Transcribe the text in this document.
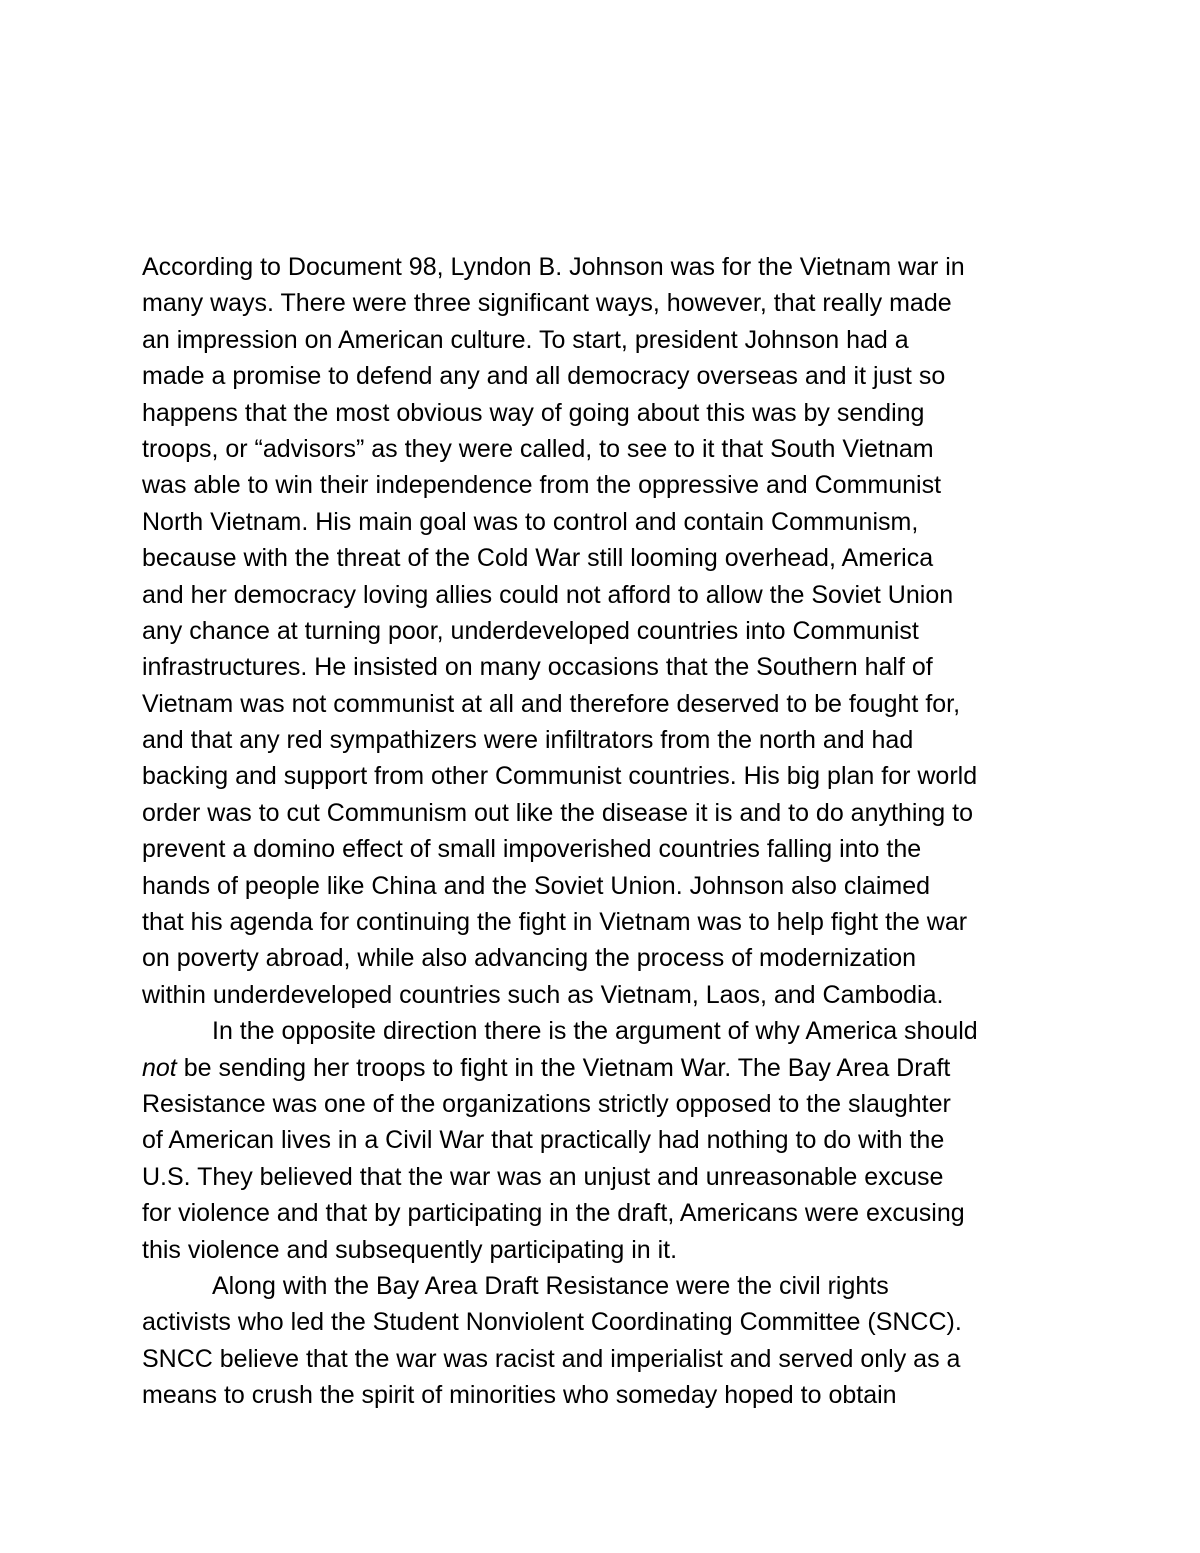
According to Document 98, Lyndon B. Johnson was for the Vietnam war in
many ways. There were three significant ways, however, that really made
an impression on American culture. To start, president Johnson had a
made a promise to defend any and all democracy overseas and it just so
happens that the most obvious way of going about this was by sending
troops, or “advisors” as they were called, to see to it that South Vietnam
was able to win their independence from the oppressive and Communist
North Vietnam. His main goal was to control and contain Communism,
because with the threat of the Cold War still looming overhead, America
and her democracy loving allies could not afford to allow the Soviet Union
any chance at turning poor, underdeveloped countries into Communist
infrastructures. He insisted on many occasions that the Southern half of
Vietnam was not communist at all and therefore deserved to be fought for,
and that any red sympathizers were infiltrators from the north and had
backing and support from other Communist countries. His big plan for world
order was to cut Communism out like the disease it is and to do anything to
prevent a domino effect of small impoverished countries falling into the
hands of people like China and the Soviet Union. Johnson also claimed
that his agenda for continuing the fight in Vietnam was to help fight the war
on poverty abroad, while also advancing the process of modernization
within underdeveloped countries such as Vietnam, Laos, and Cambodia.
In the opposite direction there is the argument of why America should
not be sending her troops to fight in the Vietnam War. The Bay Area Draft
Resistance was one of the organizations strictly opposed to the slaughter
of American lives in a Civil War that practically had nothing to do with the
U.S. They believed that the war was an unjust and unreasonable excuse
for violence and that by participating in the draft, Americans were excusing
this violence and subsequently participating in it.
Along with the Bay Area Draft Resistance were the civil rights
activists who led the Student Nonviolent Coordinating Committee (SNCC).
SNCC believe that the war was racist and imperialist and served only as a
means to crush the spirit of minorities who someday hoped to obtain
